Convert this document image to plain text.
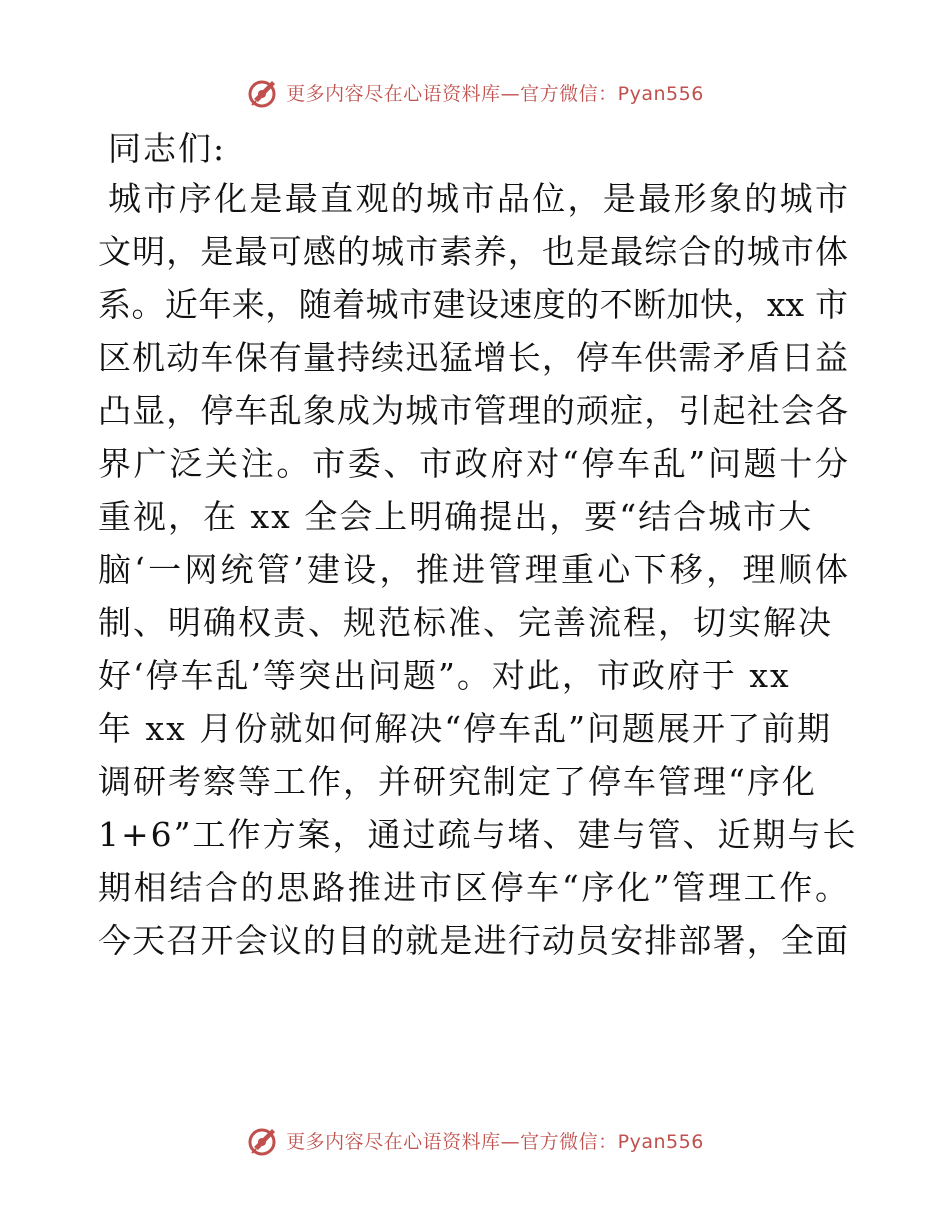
更多内容尽在心语资料库—官方微信：Pyan556
同志们:
城市序化是最直观的城市品位，是最形象的城市
文明，是最可感的城市素养，也是最综合的城市体
系。近年来，随着城市建设速度的不断加快，xx 市
区机动车保有量持续迅猛增长，停车供需矛盾日益
凸显，停车乱象成为城市管理的顽症，引起社会各
界广泛关注。市委、市政府对“停车乱”问题十分
重视，在 xx 全会上明确提出，要“结合城市大
脑‘一网统管’建设，推进管理重心下移，理顺体
制、明确权责、规范标准、完善流程，切实解决
好‘停车乱’等突出问题”。对此，市政府于 xx
年 xx 月份就如何解决“停车乱”问题展开了前期
调研考察等工作，并研究制定了停车管理“序化
1+6”工作方案，通过疏与堵、建与管、近期与长
期相结合的思路推进市区停车“序化”管理工作。
今天召开会议的目的就是进行动员安排部署，全面
更多内容尽在心语资料库—官方微信：Pyan556
